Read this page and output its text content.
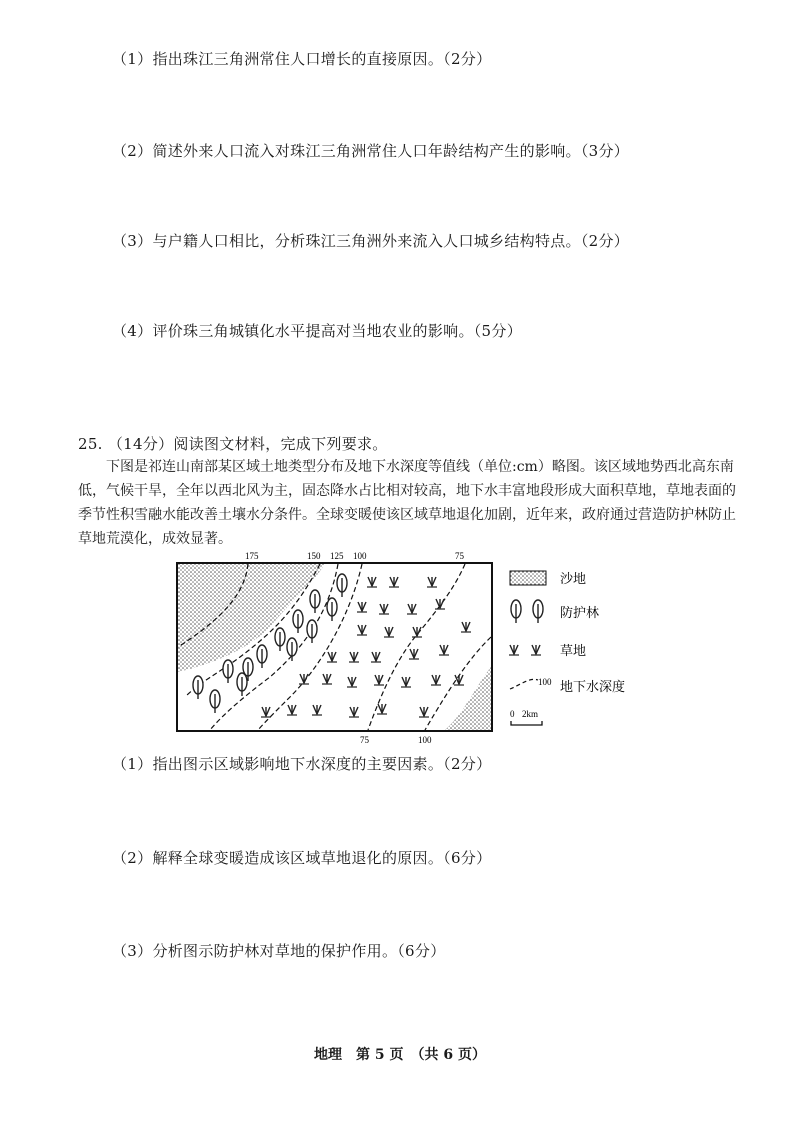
（1）指出珠江三角洲常住人口增长的直接原因。（2分）
（2）简述外来人口流入对珠江三角洲常住人口年龄结构产生的影响。（3分）
（3）与户籍人口相比，分析珠江三角洲外来流入人口城乡结构特点。（2分）
（4）评价珠三角城镇化水平提高对当地农业的影响。（5分）
25. （14分）阅读图文材料，完成下列要求。
下图是祁连山南部某区域土地类型分布及地下水深度等值线（单位:cm）略图。该区域地势西北高东南低，气候干旱，全年以西北风为主，固态降水占比相对较高，地下水丰富地段形成大面积草地，草地表面的季节性积雪融水能改善土壤水分条件。全球变暖使该区域草地退化加剧，近年来，政府通过营造防护林防止草地荒漠化，成效显著。
175	150 125 100	75
75	100
沙地
防护林
草地
100 地下水深度
0 2km
（1）指出图示区域影响地下水深度的主要因素。（2分）
（2）解释全球变暖造成该区域草地退化的原因。（6分）
（3）分析图示防护林对草地的保护作用。（6分）
地理　第 5 页　（共 6 页）
